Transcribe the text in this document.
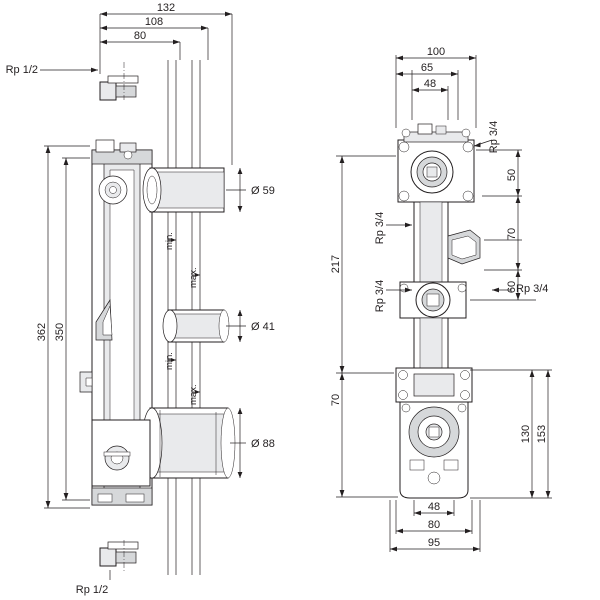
132
108
80
Rp 1/2
Rp 1/2
362 350
Ø 59
Ø 41
Ø 88
min.
max.
min.
max.
100
65
48
48
80
95
217
70
50
70
60
130 153
Rp 3/4
Rp 3/4
Rp 3/4
Rp 3/4
